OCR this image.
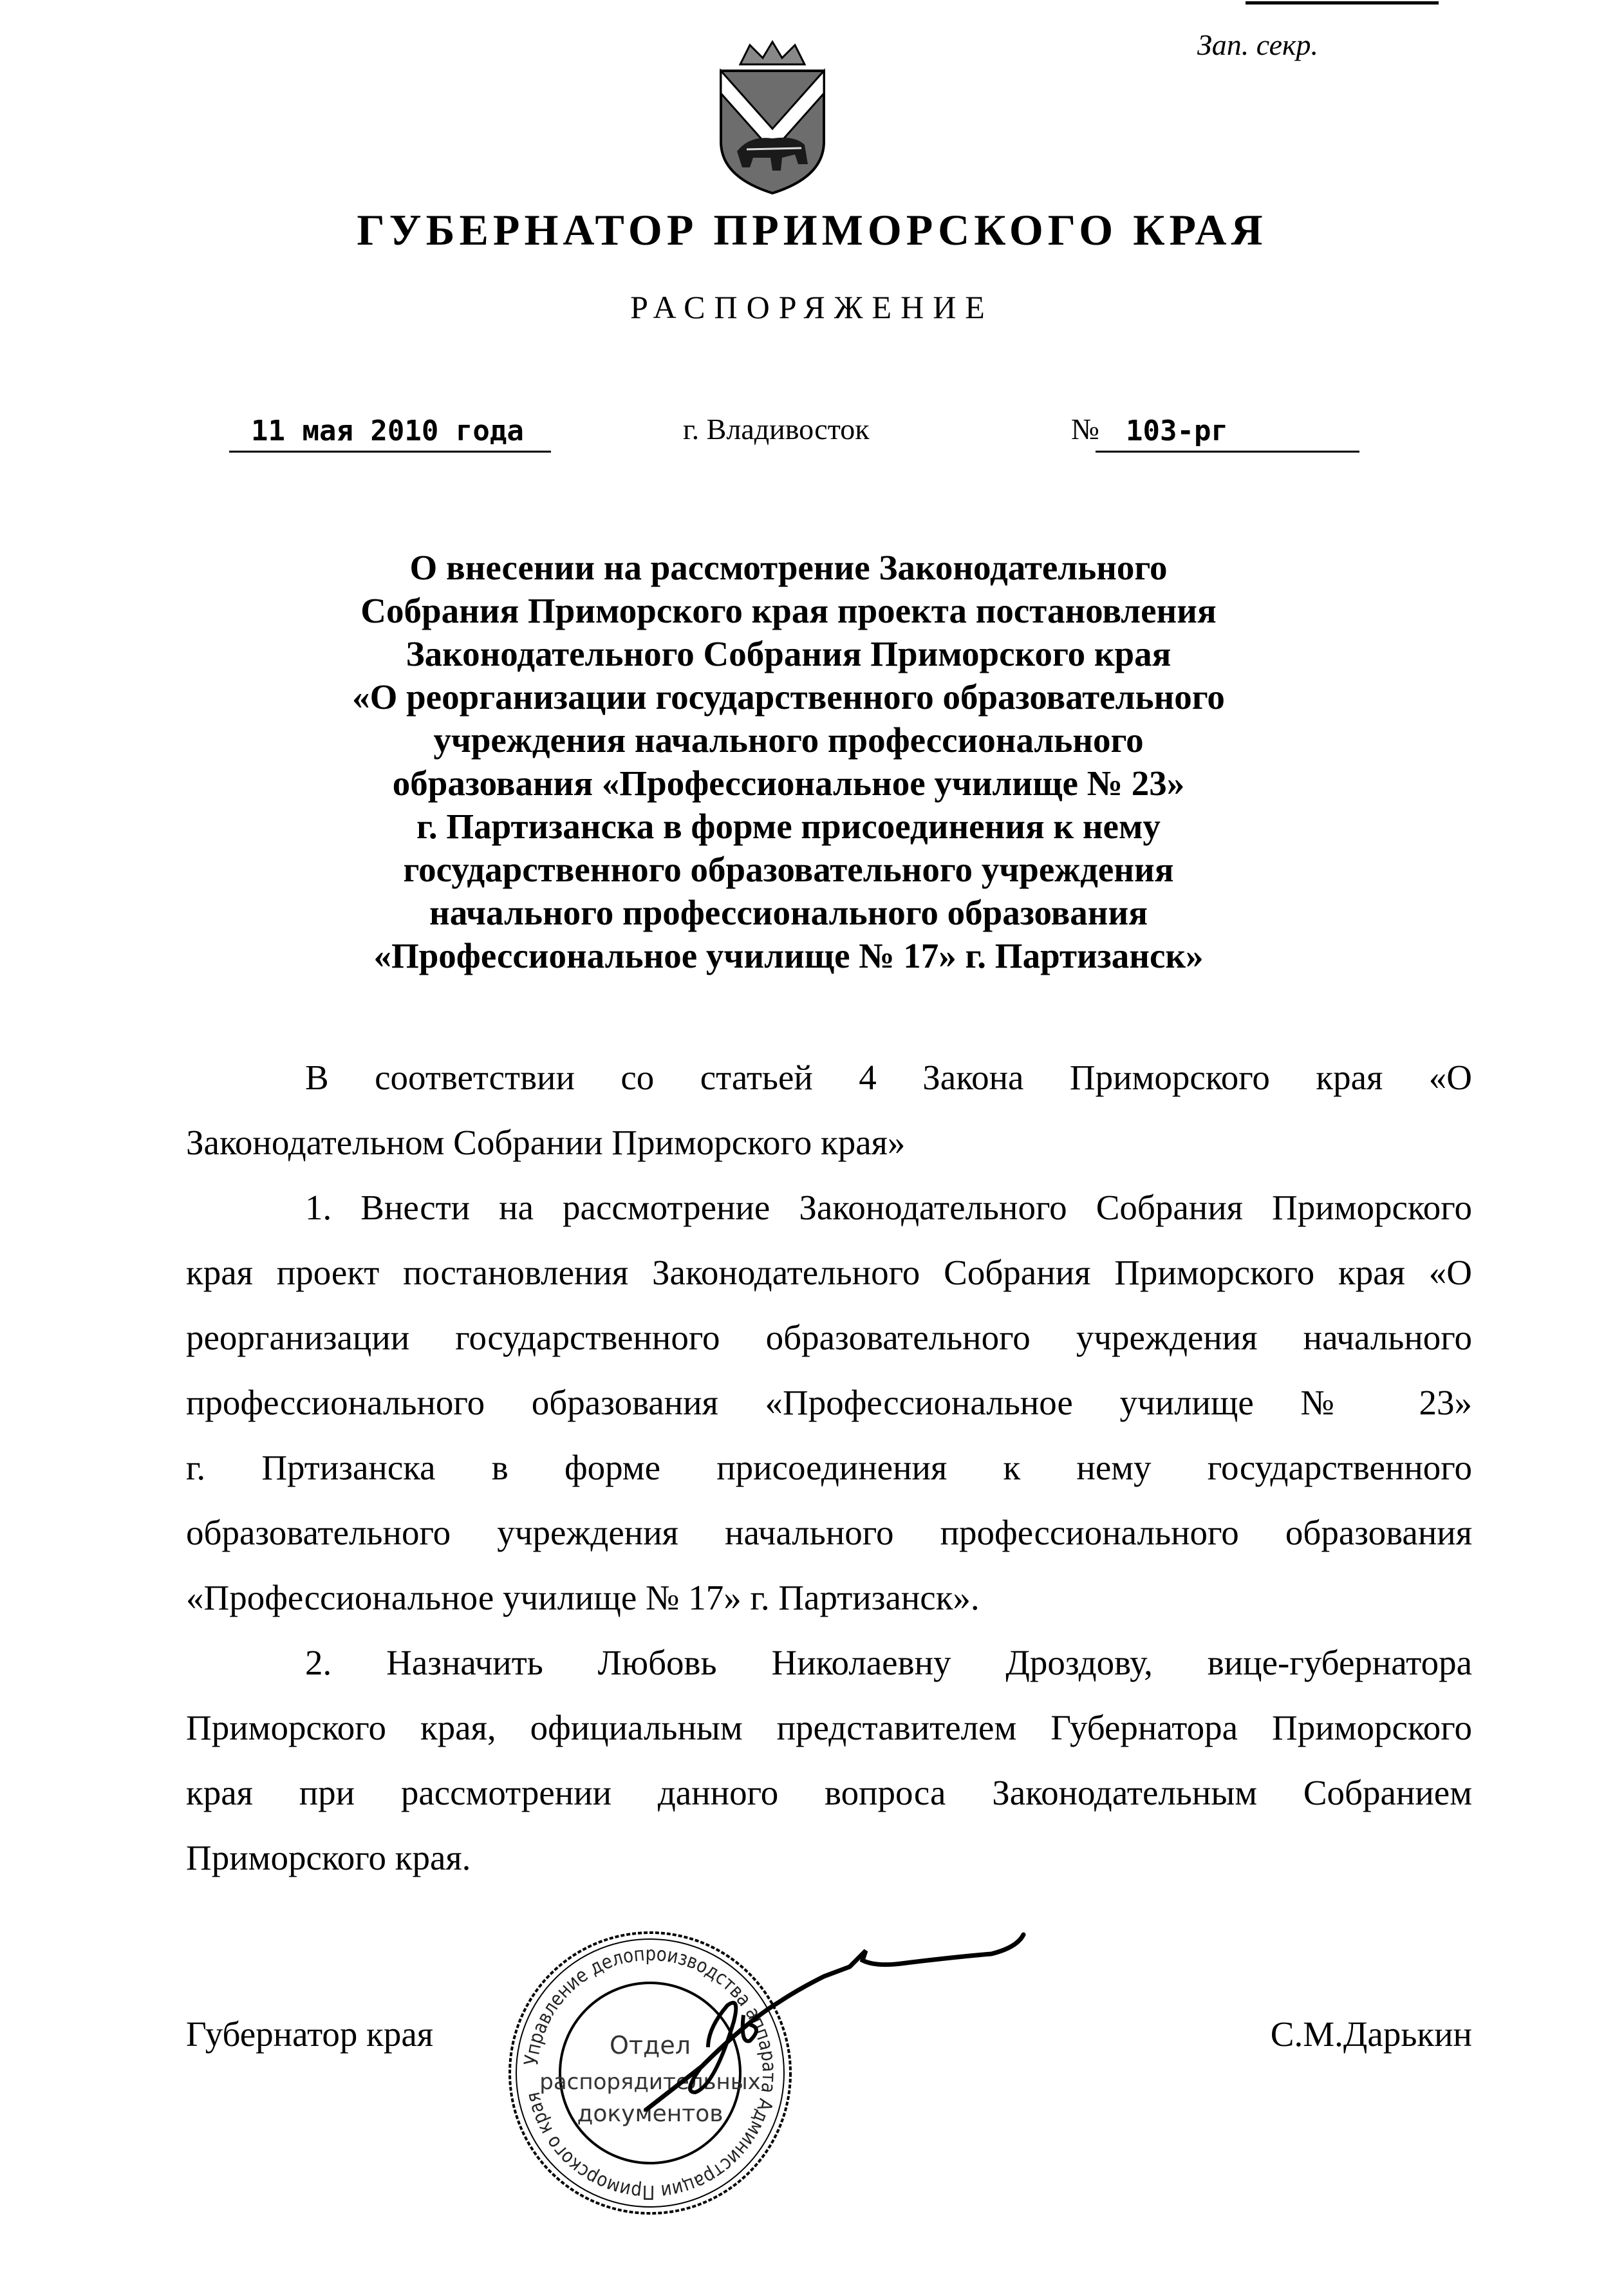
Зап. секр.
ГУБЕРНАТОР ПРИМОРСКОГО КРАЯ
РАСПОРЯЖЕНИЕ
11 мая 2010 года	г. Владивосток	№ 103-рг
О внесении на рассмотрение Законодательного
Собрания Приморского края проекта постановления
Законодательного Собрания Приморского края
«О реорганизации государственного образовательного
учреждения начального профессионального
образования «Профессиональное училище № 23»
г. Партизанска в форме присоединения к нему
государственного образовательного учреждения
начального профессионального образования
«Профессиональное училище № 17» г. Партизанск»
В соответствии со статьей 4 Закона Приморского края «О
Законодательном Собрании Приморского края»
1. Внести на рассмотрение Законодательного Собрания Приморского
края проект постановления Законодательного Собрания Приморского края «О
реорганизации государственного образовательного учреждения начального
профессионального образования «Профессиональное училище № 23»
г. Пртизанска в форме присоединения к нему государственного
образовательного учреждения начального профессионального образования
«Профессиональное училище № 17» г. Партизанск».
2. Назначить Любовь Николаевну Дроздову, вице-губернатора
Приморского края, официальным представителем Губернатора Приморского
края при рассмотрении данного вопроса Законодательным Собранием
Приморского края.
Губернатор края	С.М.Дарькин
Управление делопроизводства аппарата Администрации Приморского края
Отдел
распорядительных
документов
